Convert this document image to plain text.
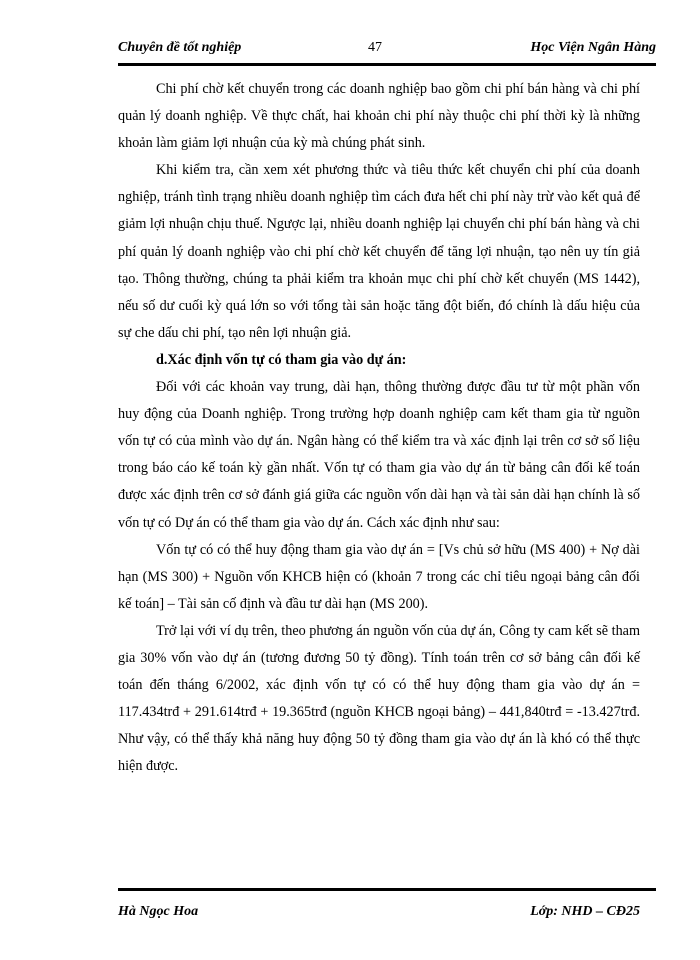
Chuyên đề tốt nghiệp	47	Học Viện Ngân Hàng

Chi phí chờ kết chuyển trong các doanh nghiệp bao gồm chi phí bán hàng và chi phí quản lý doanh nghiệp. Về thực chất, hai khoản chi phí này thuộc chi phí thời kỳ là những khoản làm giảm lợi nhuận của kỳ mà chúng phát sinh.

Khi kiểm tra, cần xem xét phương thức và tiêu thức kết chuyển chi phí của doanh nghiệp, tránh tình trạng nhiều doanh nghiệp tìm cách đưa hết chi phí này trừ vào kết quả để giảm lợi nhuận chịu thuế. Ngược lại, nhiều doanh nghiệp lại chuyển chi phí bán hàng và chi phí quản lý doanh nghiệp vào chi phí chờ kết chuyển để tăng lợi nhuận, tạo nên uy tín giả tạo. Thông thường, chúng ta phải kiểm tra khoản mục chi phí chờ kết chuyển (MS 1442), nếu số dư cuối kỳ quá lớn so với tổng tài sản hoặc tăng đột biến, đó chính là dấu hiệu của sự che dấu chi phí, tạo nên lợi nhuận giả.

d.Xác định vốn tự có tham gia vào dự án:

Đối với các khoản vay trung, dài hạn, thông thường được đầu tư từ một phần vốn huy động của Doanh nghiệp. Trong trường hợp doanh nghiệp cam kết tham gia từ nguồn vốn tự có của mình vào dự án. Ngân hàng có thể kiểm tra và xác định lại trên cơ sở số liệu trong báo cáo kế toán kỳ gần nhất. Vốn tự có tham gia vào dự án từ bảng cân đối kế toán được xác định trên cơ sở đánh giá giữa các nguồn vốn dài hạn và tài sản dài hạn chính là số vốn tự có Dự án có thể tham gia vào dự án. Cách xác định như sau:

Vốn tự có có thể huy động tham gia vào dự án = [Vs chủ sở hữu (MS 400) + Nợ dài hạn (MS 300) + Nguồn vốn KHCB hiện có (khoản 7 trong các chỉ tiêu ngoại bảng cân đối kế toán] – Tài sản cố định và đầu tư dài hạn (MS 200).

Trở lại với ví dụ trên, theo phương án nguồn vốn của dự án, Công ty cam kết sẽ tham gia 30% vốn vào dự án (tương đương 50 tỷ đồng). Tính toán trên cơ sở bảng cân đối kế toán đến tháng 6/2002, xác định vốn tự có có thể huy động tham gia vào dự án = 117.434trđ + 291.614trđ + 19.365trđ (nguồn KHCB ngoại bảng) – 441,840trđ = -13.427trđ. Như vậy, có thể thấy khả năng huy động 50 tỷ đồng tham gia vào dự án là khó có thể thực hiện được.

Hà Ngọc Hoa	Lớp: NHD – CĐ25
